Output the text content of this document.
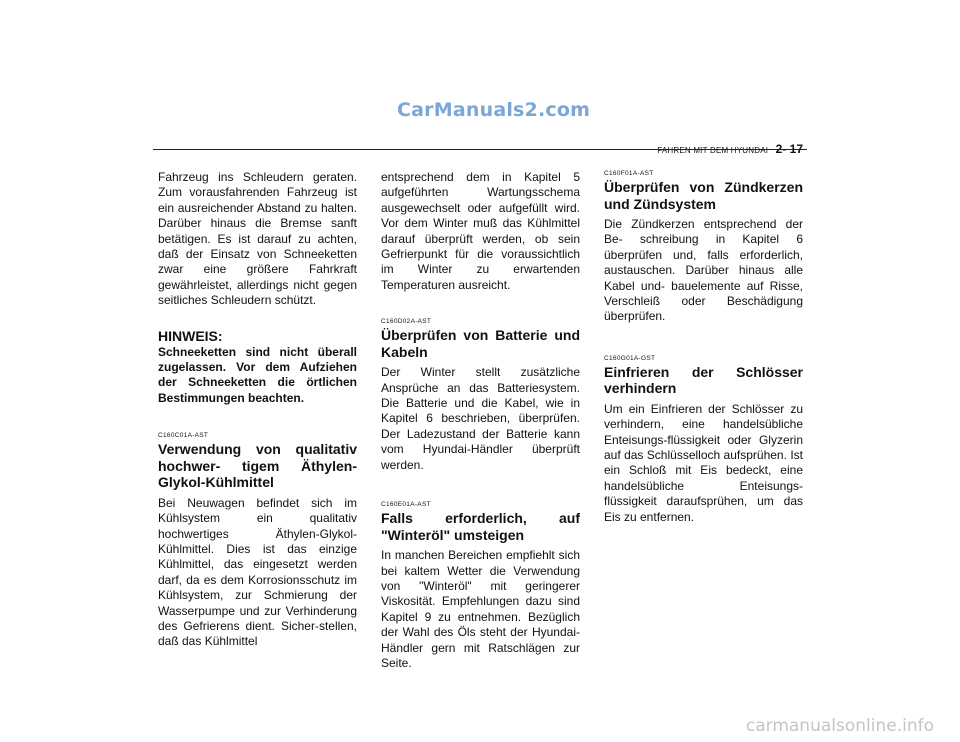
CarManuals2.com
FAHREN MIT DEM HYUNDAI 2- 17

Fahrzeug ins Schleudern geraten. Zum vorausfahrenden Fahrzeug ist ein ausreichender Abstand zu halten. Darüber hinaus die Bremse sanft betätigen. Es ist darauf zu achten, daß der Einsatz von Schneeketten zwar eine größere Fahrkraft gewährleistet, allerdings nicht gegen seitliches Schleudern schützt.

HINWEIS:

Schneeketten sind nicht überall zugelassen. Vor dem Aufziehen der Schneeketten die örtlichen Bestimmungen beachten.

C160C01A-AST
Verwendung von qualitativ hochwer- tigem Äthylen-Glykol-Kühlmittel

Bei Neuwagen befindet sich im Kühlsystem ein qualitativ hochwertiges Äthylen-Glykol-Kühlmittel. Dies ist das einzige Kühlmittel, das eingesetzt werden darf, da es dem Korrosionsschutz im Kühlsystem, zur Schmierung der Wasserpumpe und zur Verhinderung des Gefrierens dient. Sicher-stellen, daß das Kühlmittel

entsprechend dem in Kapitel 5 aufgeführten Wartungsschema ausgewechselt oder aufgefüllt wird. Vor dem Winter muß das Kühlmittel darauf überprüft werden, ob sein Gefrierpunkt für die voraussichtlich im Winter zu erwartenden Temperaturen ausreicht.

C160D02A-AST
Überprüfen von Batterie und Kabeln

Der Winter stellt zusätzliche Ansprüche an das Batteriesystem. Die Batterie und die Kabel, wie in Kapitel 6 beschrieben, überprüfen. Der Ladezustand der Batterie kann vom Hyundai-Händler überprüft werden.

C160E01A-AST
Falls erforderlich, auf "Winteröl" umsteigen

In manchen Bereichen empfiehlt sich bei kaltem Wetter die Verwendung von "Winteröl" mit geringerer Viskosität. Empfehlungen dazu sind Kapitel 9 zu entnehmen. Bezüglich der Wahl des Öls steht der Hyundai-Händler gern mit Ratschlägen zur Seite.

C160F01A-AST
Überprüfen von Zündkerzen und Zündsystem

Die Zündkerzen entsprechend der Be- schreibung in Kapitel 6 überprüfen und, falls erforderlich, austauschen. Darüber hinaus alle Kabel und- bauelemente auf Risse, Verschleiß oder Beschädigung überprüfen.

C160G01A-GST
Einfrieren der Schlösser verhindern

Um ein Einfrieren der Schlösser zu verhindern, eine handelsübliche Enteisungs-flüssigkeit oder Glyzerin auf das Schlüsselloch aufsprühen. Ist ein Schloß mit Eis bedeckt, eine handelsübliche Enteisungs-flüssigkeit daraufsprühen, um das Eis zu entfernen.

carmanualsonline.info
